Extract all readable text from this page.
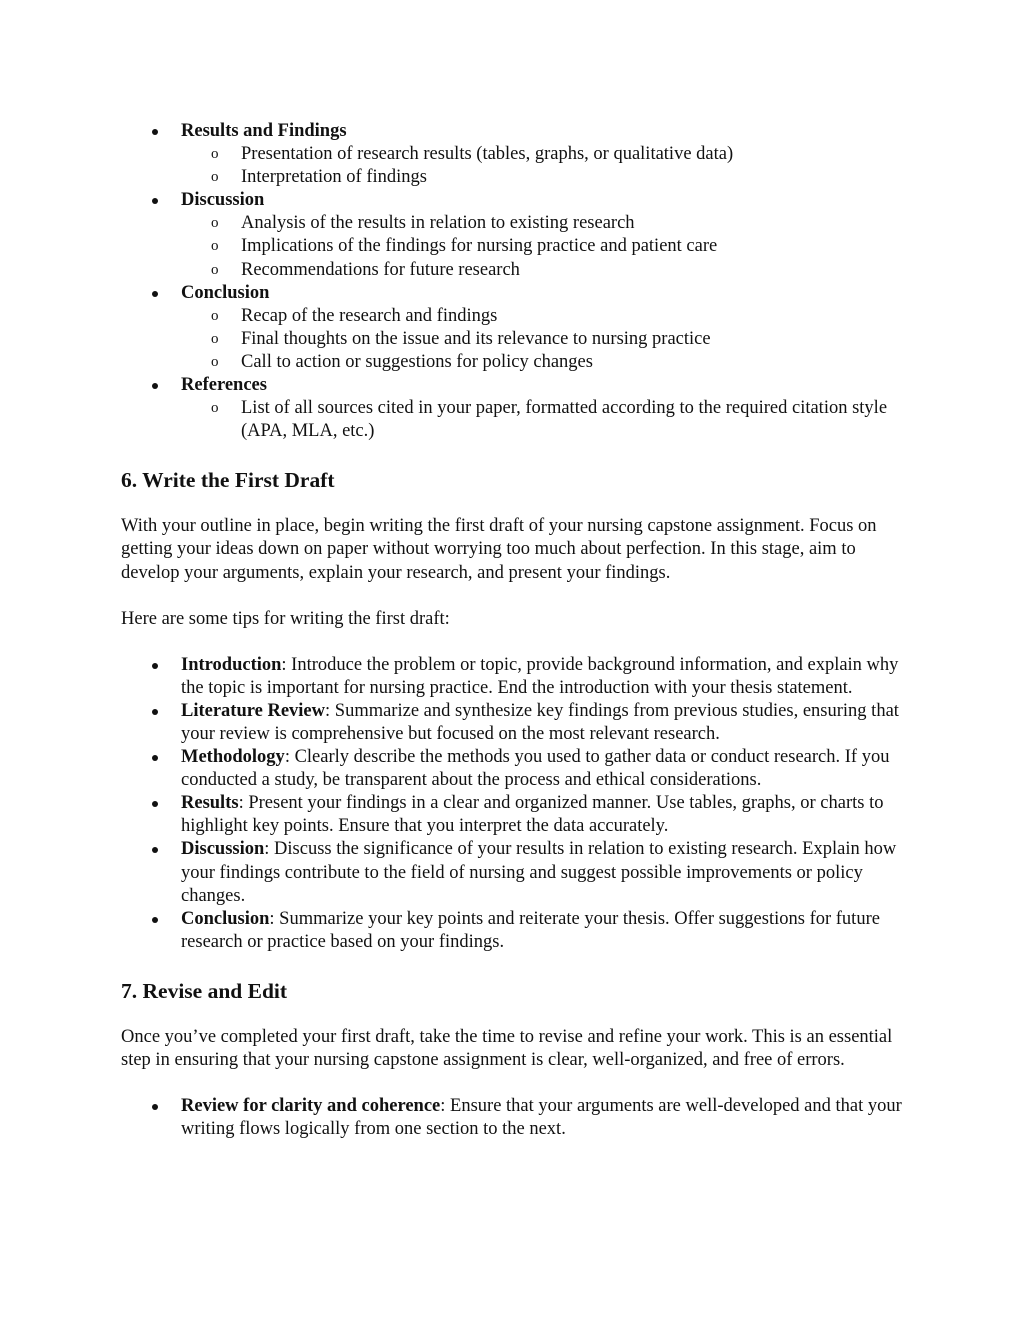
Results and Findings
o Presentation of research results (tables, graphs, or qualitative data)
o Interpretation of findings
Discussion
o Analysis of the results in relation to existing research
o Implications of the findings for nursing practice and patient care
o Recommendations for future research
Conclusion
o Recap of the research and findings
o Final thoughts on the issue and its relevance to nursing practice
o Call to action or suggestions for policy changes
References
o List of all sources cited in your paper, formatted according to the required citation style (APA, MLA, etc.)
6. Write the First Draft

With your outline in place, begin writing the first draft of your nursing capstone assignment. Focus on getting your ideas down on paper without worrying too much about perfection. In this stage, aim to develop your arguments, explain your research, and present your findings.

Here are some tips for writing the first draft:

Introduction: Introduce the problem or topic, provide background information, and explain why the topic is important for nursing practice. End the introduction with your thesis statement.
Literature Review: Summarize and synthesize key findings from previous studies, ensuring that your review is comprehensive but focused on the most relevant research.
Methodology: Clearly describe the methods you used to gather data or conduct research. If you conducted a study, be transparent about the process and ethical considerations.
Results: Present your findings in a clear and organized manner. Use tables, graphs, or charts to highlight key points. Ensure that you interpret the data accurately.
Discussion: Discuss the significance of your results in relation to existing research. Explain how your findings contribute to the field of nursing and suggest possible improvements or policy changes.
Conclusion: Summarize your key points and reiterate your thesis. Offer suggestions for future research or practice based on your findings.
7. Revise and Edit

Once you’ve completed your first draft, take the time to revise and refine your work. This is an essential step in ensuring that your nursing capstone assignment is clear, well-organized, and free of errors.

Review for clarity and coherence: Ensure that your arguments are well-developed and that your writing flows logically from one section to the next.
